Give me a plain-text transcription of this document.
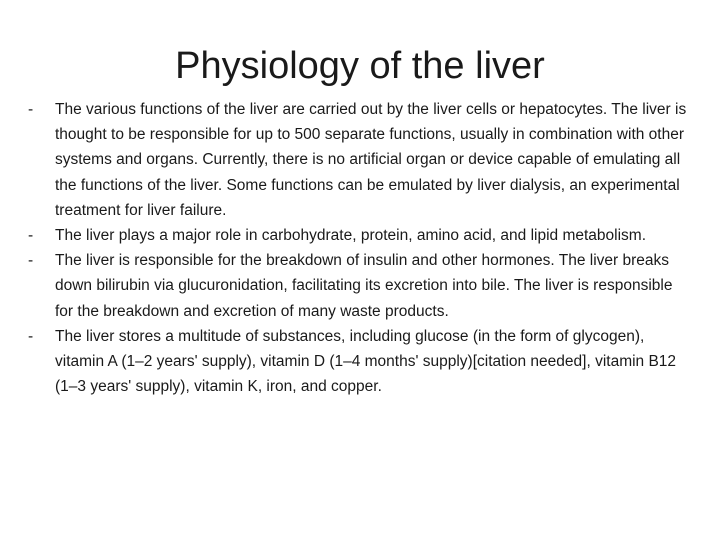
Physiology of the liver
-	The various functions of the liver are carried out by the liver cells or hepatocytes. The liver is thought to be responsible for up to 500 separate functions, usually in combination with other systems and organs. Currently, there is no artificial organ or device capable of emulating all the functions of the liver. Some functions can be emulated by liver dialysis, an experimental treatment for liver failure.
-	The liver plays a major role in carbohydrate, protein, amino acid, and lipid metabolism.
-	The liver is responsible for the breakdown of insulin and other hormones. The liver breaks down bilirubin via glucuronidation, facilitating its excretion into bile. The liver is responsible for the breakdown and excretion of many waste products.
-	The liver stores a multitude of substances, including glucose (in the form of glycogen), vitamin A (1–2 years' supply), vitamin D (1–4 months' supply)[citation needed], vitamin B12 (1–3 years' supply), vitamin K, iron, and copper.
